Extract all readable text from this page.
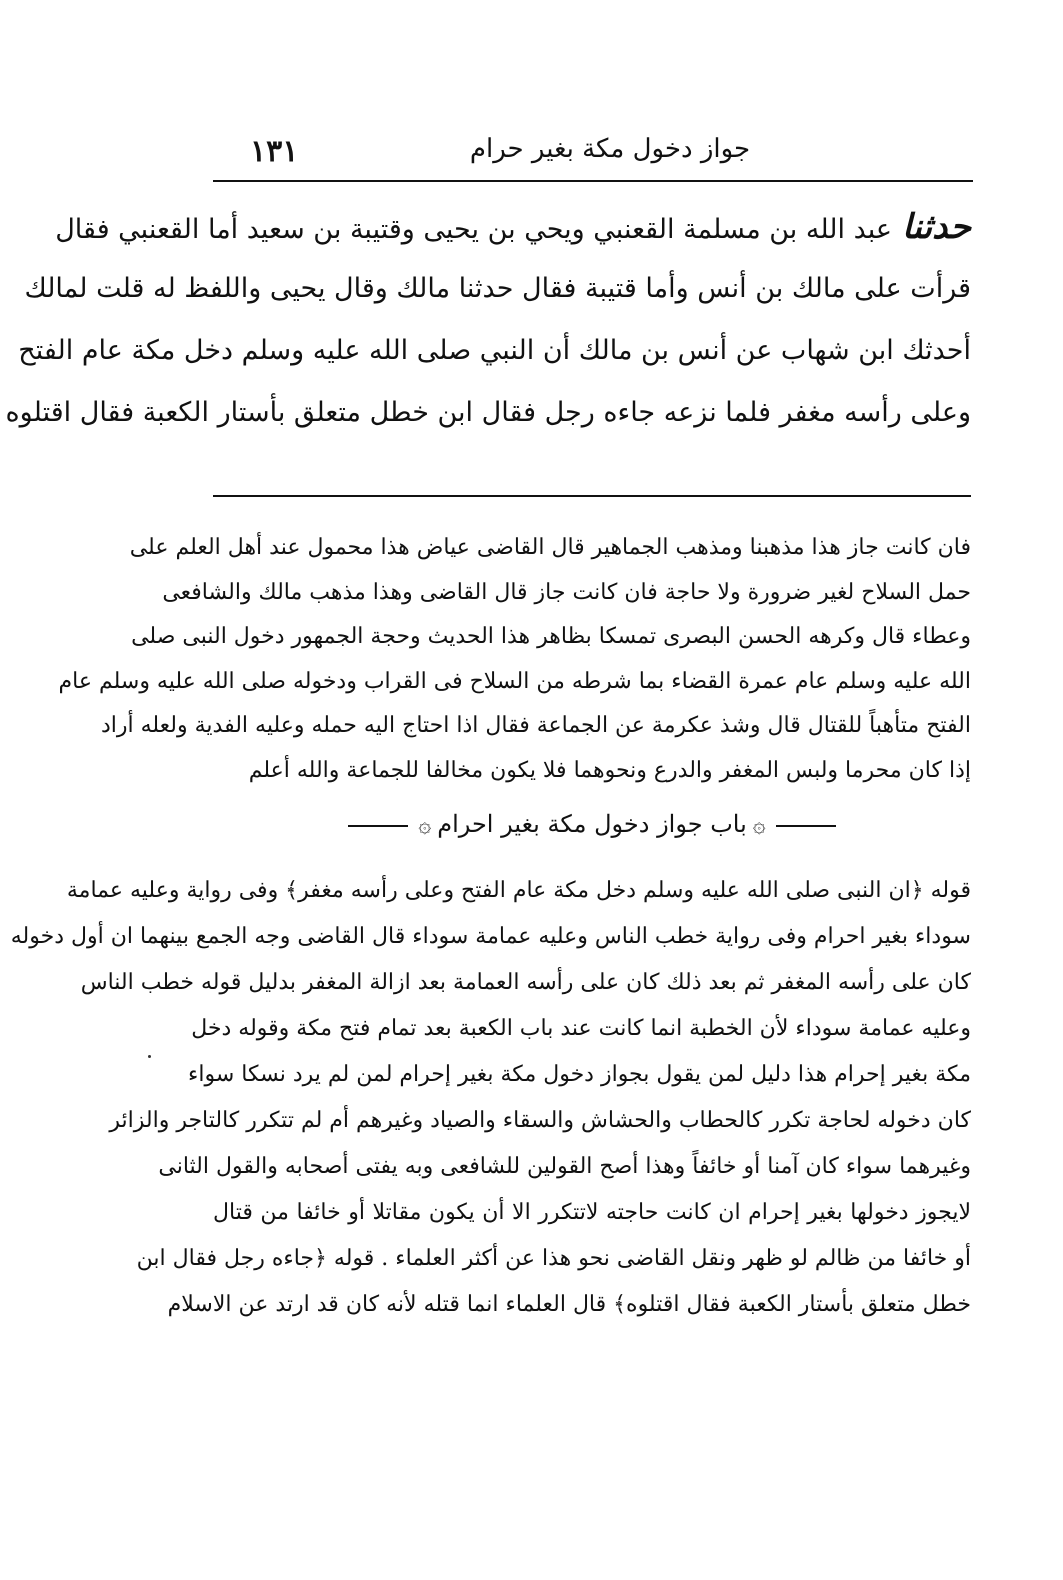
١٣١	جواز دخول مكة بغير حرام
حدثناعبد الله بن مسلمة القعنبي ويحي بن يحيى وقتيبة بن سعيد أما القعنبي فقال
قرأت على مالك بن أنس وأما قتيبة فقال حدثنا مالك وقال يحيى واللفظ له قلت لمالك
أحدثك ابن شهاب عن أنس بن مالك أن النبي صلى الله عليه وسلم دخل مكة عام الفتح
وعلى رأسه مغفر فلما نزعه جاءه رجل فقال ابن خطل متعلق بأستار الكعبة فقال اقتلوه
فان كانت جاز هذا مذهبنا ومذهب الجماهير قال القاضى عياض هذا محمول عند أهل العلم على
حمل السلاح لغير ضرورة ولا حاجة فان كانت جاز قال القاضى وهذا مذهب مالك والشافعى
وعطاء قال وكرهه الحسن البصرى تمسكا بظاهر هذا الحديث وحجة الجمهور دخول النبى صلى
الله عليه وسلم عام عمرة القضاء بما شرطه من السلاح فى القراب ودخوله صلى الله عليه وسلم عام
الفتح متأهباً للقتال قال وشذ عكرمة عن الجماعة فقال اذا احتاج اليه حمله وعليه الفدية ولعله أراد
إذا كان محرما ولبس المغفر والدرع ونحوهما فلا يكون مخالفا للجماعة والله أعلم
۞باب جواز دخول مكة بغير احرام۞
قوله ﴿ان النبى صلى الله عليه وسلم دخل مكة عام الفتح وعلى رأسه مغفر﴾ وفى رواية وعليه عمامة
سوداء بغير احرام وفى رواية خطب الناس وعليه عمامة سوداء قال القاضى وجه الجمع بينهما ان أول دخوله
كان على رأسه المغفر ثم بعد ذلك كان على رأسه العمامة بعد ازالة المغفر بدليل قوله خطب الناس
وعليه عمامة سوداء لأن الخطبة انما كانت عند باب الكعبة بعد تمام فتح مكة وقوله دخل
مكة بغير إحرام هذا دليل لمن يقول بجواز دخول مكة بغير إحرام لمن لم يرد نسكا سواء
كان دخوله لحاجة تكرر كالحطاب والحشاش والسقاء والصياد وغيرهم أم لم تتكرر كالتاجر والزائر
وغيرهما سواء كان آمنا أو خائفاً وهذا أصح القولين للشافعى وبه يفتى أصحابه والقول الثانى
لايجوز دخولها بغير إحرام ان كانت حاجته لاتتكرر الا أن يكون مقاتلا أو خائفا من قتال
أو خائفا من ظالم لو ظهر ونقل القاضى نحو هذا عن أكثر العلماء . قوله ﴿جاءه رجل فقال ابن
خطل متعلق بأستار الكعبة فقال اقتلوه﴾ قال العلماء انما قتله لأنه كان قد ارتد عن الاسلام
